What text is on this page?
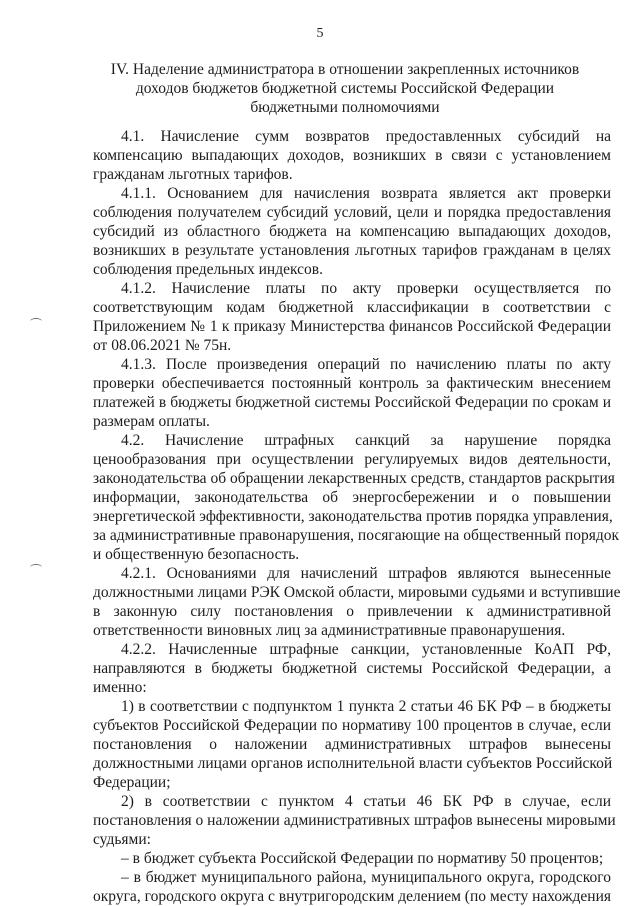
5
IV. Наделение администратора в отношении закрепленных источников
доходов бюджетов бюджетной системы Российской Федерации
бюджетными полномочиями
4.1. Начисление сумм возвратов предоставленных субсидий на
компенсацию выпадающих доходов, возникших в связи с установлением
гражданам льготных тарифов.
4.1.1. Основанием для начисления возврата является акт проверки
соблюдения получателем субсидий условий, цели и порядка предоставления
субсидий из областного бюджета на компенсацию выпадающих доходов,
возникших в результате установления льготных тарифов гражданам в целях
соблюдения предельных индексов.
4.1.2. Начисление платы по акту проверки осуществляется по
соответствующим кодам бюджетной классификации в соответствии с
Приложением № 1 к приказу Министерства финансов Российской Федерации
от 08.06.2021 № 75н.
4.1.3. После произведения операций по начислению платы по акту
проверки обеспечивается постоянный контроль за фактическим внесением
платежей в бюджеты бюджетной системы Российской Федерации по срокам и
размерам оплаты.
4.2. Начисление штрафных санкций за нарушение порядка
ценообразования при осуществлении регулируемых видов деятельности,
законодательства об обращении лекарственных средств, стандартов раскрытия
информации, законодательства об энергосбережении и о повышении
энергетической эффективности, законодательства против порядка управления,
за административные правонарушения, посягающие на общественный порядок
и общественную безопасность.
4.2.1. Основаниями для начислений штрафов являются вынесенные
должностными лицами РЭК Омской области, мировыми судьями и вступившие
в законную силу постановления о привлечении к административной
ответственности виновных лиц за административные правонарушения.
4.2.2. Начисленные штрафные санкции, установленные КоАП РФ,
направляются в бюджеты бюджетной системы Российской Федерации, а
именно:
1) в соответствии с подпунктом 1 пункта 2 статьи 46 БК РФ – в бюджеты
субъектов Российской Федерации по нормативу 100 процентов в случае, если
постановления о наложении административных штрафов вынесены
должностными лицами органов исполнительной власти субъектов Российской
Федерации;
2) в соответствии с пунктом 4 статьи 46 БК РФ в случае, если
постановления о наложении административных штрафов вынесены мировыми
судьями:
– в бюджет субъекта Российской Федерации по нормативу 50 процентов;
– в бюджет муниципального района, муниципального округа, городского
округа, городского округа с внутригородским делением (по месту нахождения
